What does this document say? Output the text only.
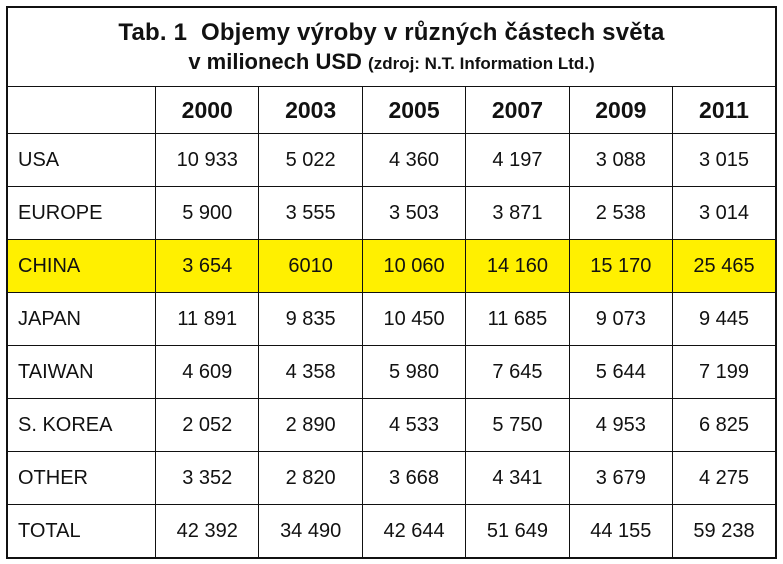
Tab. 1 Objemy výroby v různých částech světa
v milionech USD (zdroj: N.T. Information Ltd.)						

	2000	2003	2005	2007	2009	2011
USA	10 933	5 022	4 360	4 197	3 088	3 015
EUROPE	5 900	3 555	3 503	3 871	2 538	3 014
CHINA	3 654	6010	10 060	14 160	15 170	25 465
JAPAN	11 891	9 835	10 450	11 685	9 073	9 445
TAIWAN	4 609	4 358	5 980	7 645	5 644	7 199
S. KOREA	2 052	2 890	4 533	5 750	4 953	6 825
OTHER	3 352	2 820	3 668	4 341	3 679	4 275
TOTAL	42 392	34 490	42 644	51 649	44 155	59 238
